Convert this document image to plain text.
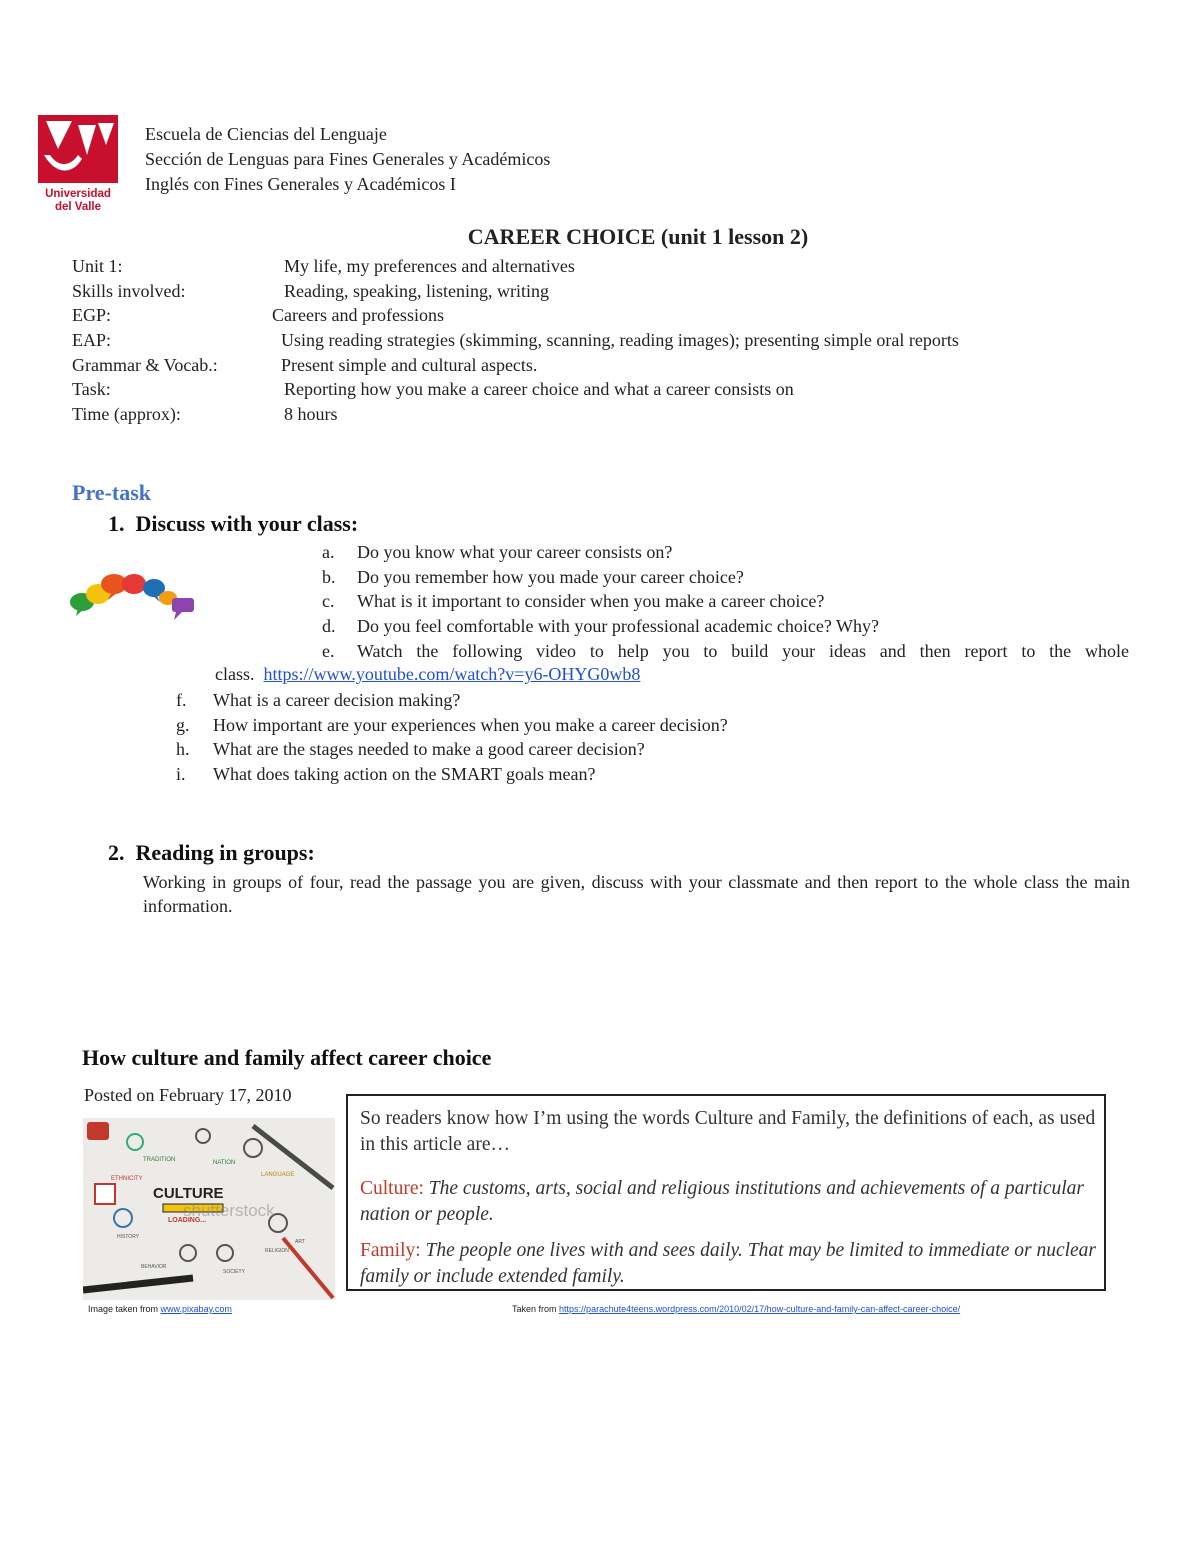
Universidad
del Valle
Escuela de Ciencias del Lenguaje
Sección de Lenguas para Fines Generales y Académicos
Inglés con Fines Generales y Académicos I
CAREER CHOICE (unit 1 lesson 2)
Unit 1:	My life, my preferences and alternatives
Skills involved:	Reading, speaking, listening, writing
EGP:	Careers and professions
EAP:	Using reading strategies (skimming, scanning, reading images); presenting simple oral reports
Grammar & Vocab.:	Present simple and cultural aspects.
Task:	Reporting how you make a career choice and what a career consists on
Time (approx):	8 hours
Pre-task
1. Discuss with your class:
a. Do you know what your career consists on?
b. Do you remember how you made your career choice?
c. What is it important to consider when you make a career choice?
d. Do you feel comfortable with your professional academic choice? Why?
e. Watch the following video to help you to build your ideas and then report to the whole
class. https://www.youtube.com/watch?v=y6-OHYG0wb8
f. What is a career decision making?
g. How important are your experiences when you make a career decision?
h. What are the stages needed to make a good career decision?
i. What does taking action on the SMART goals mean?
2. Reading in groups:
Working in groups of four, read the passage you are given, discuss with your classmate and then report to the whole class the main information.
How culture and family affect career choice
Posted on February 17, 2010
TRADITION	NATION
LANGUAGE
ETHNICITY
CULTURE
LOADING...
HISTORY
BEHAVIOR
SOCIETY
RELIGION
ART
shutterstock

So readers know how I’m using the words Culture and Family, the definitions of each, as used in this article are…

Culture: The customs, arts, social and religious institutions and achievements of a particular nation or people.

Family: The people one lives with and sees daily. That may be limited to immediate or nuclear family or include extended family.

Image taken from www.pixabay.com	Taken from https://parachute4teens.wordpress.com/2010/02/17/how-culture-and-family-can-affect-career-choice/
